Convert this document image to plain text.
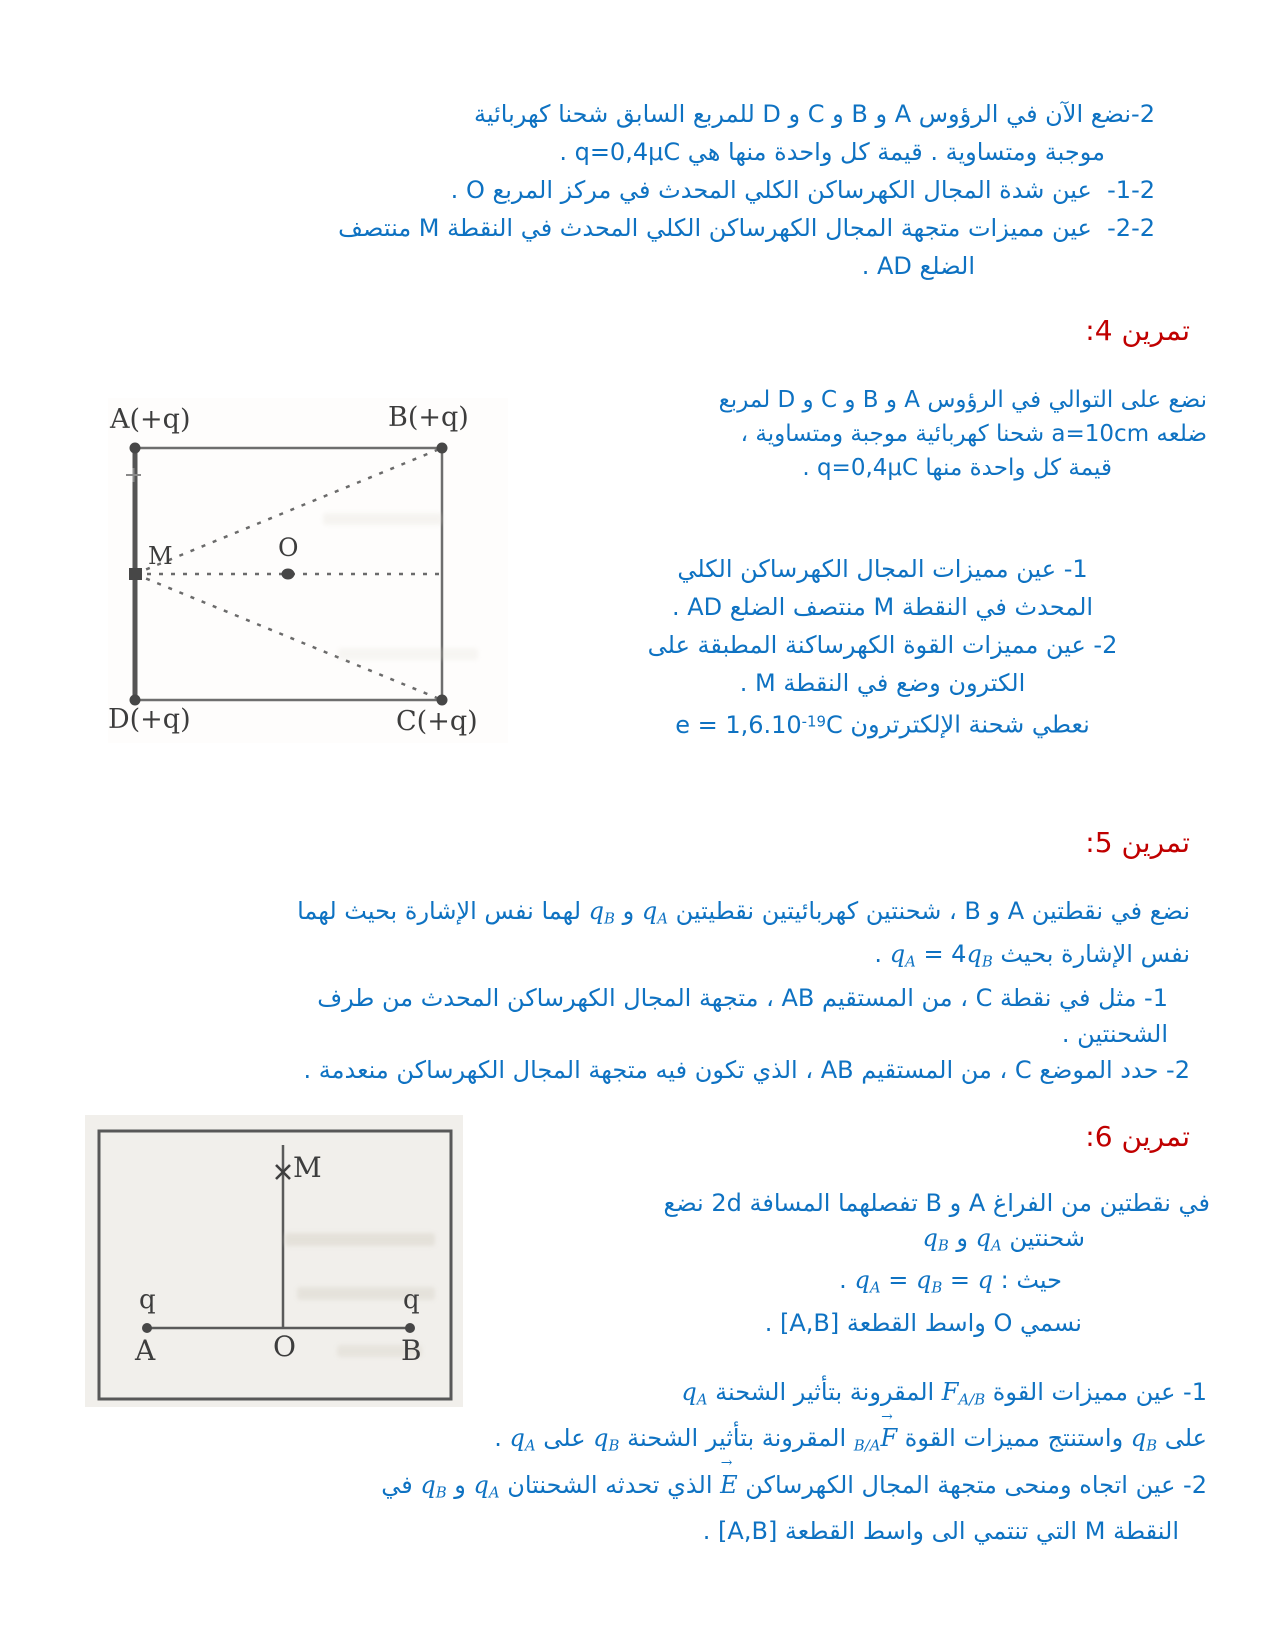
2-نضع الآن في الرؤوس A و B و C و D للمربع السابق شحنا كهربائية
موجبة ومتساوية . قيمة كل واحدة منها هي q=0,4μC .
1-2-  عين شدة المجال الكهرساكن الكلي المحدث في مركز المربع O .
2-2-  عين مميزات متجهة المجال الكهرساكن الكلي المحدث في النقطة M منتصف
الضلع AD .
تمرين 4:
A(+q)	B(+q)
D(+q)	C(+q)
M	O
نضع على التوالي في الرؤوس A و B و C و D لمربع
ضلعه a=10cm شحنا كهربائية موجبة ومتساوية ،
قيمة كل واحدة منها q=0,4μC .
1- عين مميزات المجال الكهرساكن الكلي
المحدث في النقطة M منتصف الضلع AD .
2- عين مميزات القوة الكهرساكنة المطبقة على
الكترون وضع في النقطة M .
نعطي شحنة الإلكترترون $e = 1,6.10^{-19}C$
تمرين 5:
نضع في نقطتين A و B ، شحنتين كهربائيتين نقطيتين $q_A$ و $q_B$ لهما نفس الإشارة بحيث لهما
نفس الإشارة بحيث $q_A = 4q_B$ .
1- مثل في نقطة C ، من المستقيم AB ، متجهة المجال الكهرساكن المحدث من طرف
الشحنتين .
2- حدد الموضع C ، من المستقيم AB ، الذي تكون فيه متجهة المجال الكهرساكن منعدمة .
تمرين 6:
M
q	q
A	O	B
في نقطتين من الفراغ A و B تفصلهما المسافة 2d نضع
شحنتين $q_A$ و $q_B$
حيث : $q_A = q_B = q$ .
نسمي O واسط القطعة [A,B] .
1- عين مميزات القوة $F_{A/B}$ المقرونة بتأثير الشحنة $q_A$
على $q_B$ واستنتج مميزات القوة $F \to_{B/A}$ المقرونة بتأثير الشحنة $q_B$ على $q_A$ .
2- عين اتجاه ومنحى متجهة المجال الكهرساكن E → الذي تحدثه الشحنتان $q_A$ و $q_B$ في
النقطة M التي تنتمي الى واسط القطعة [A,B] .
